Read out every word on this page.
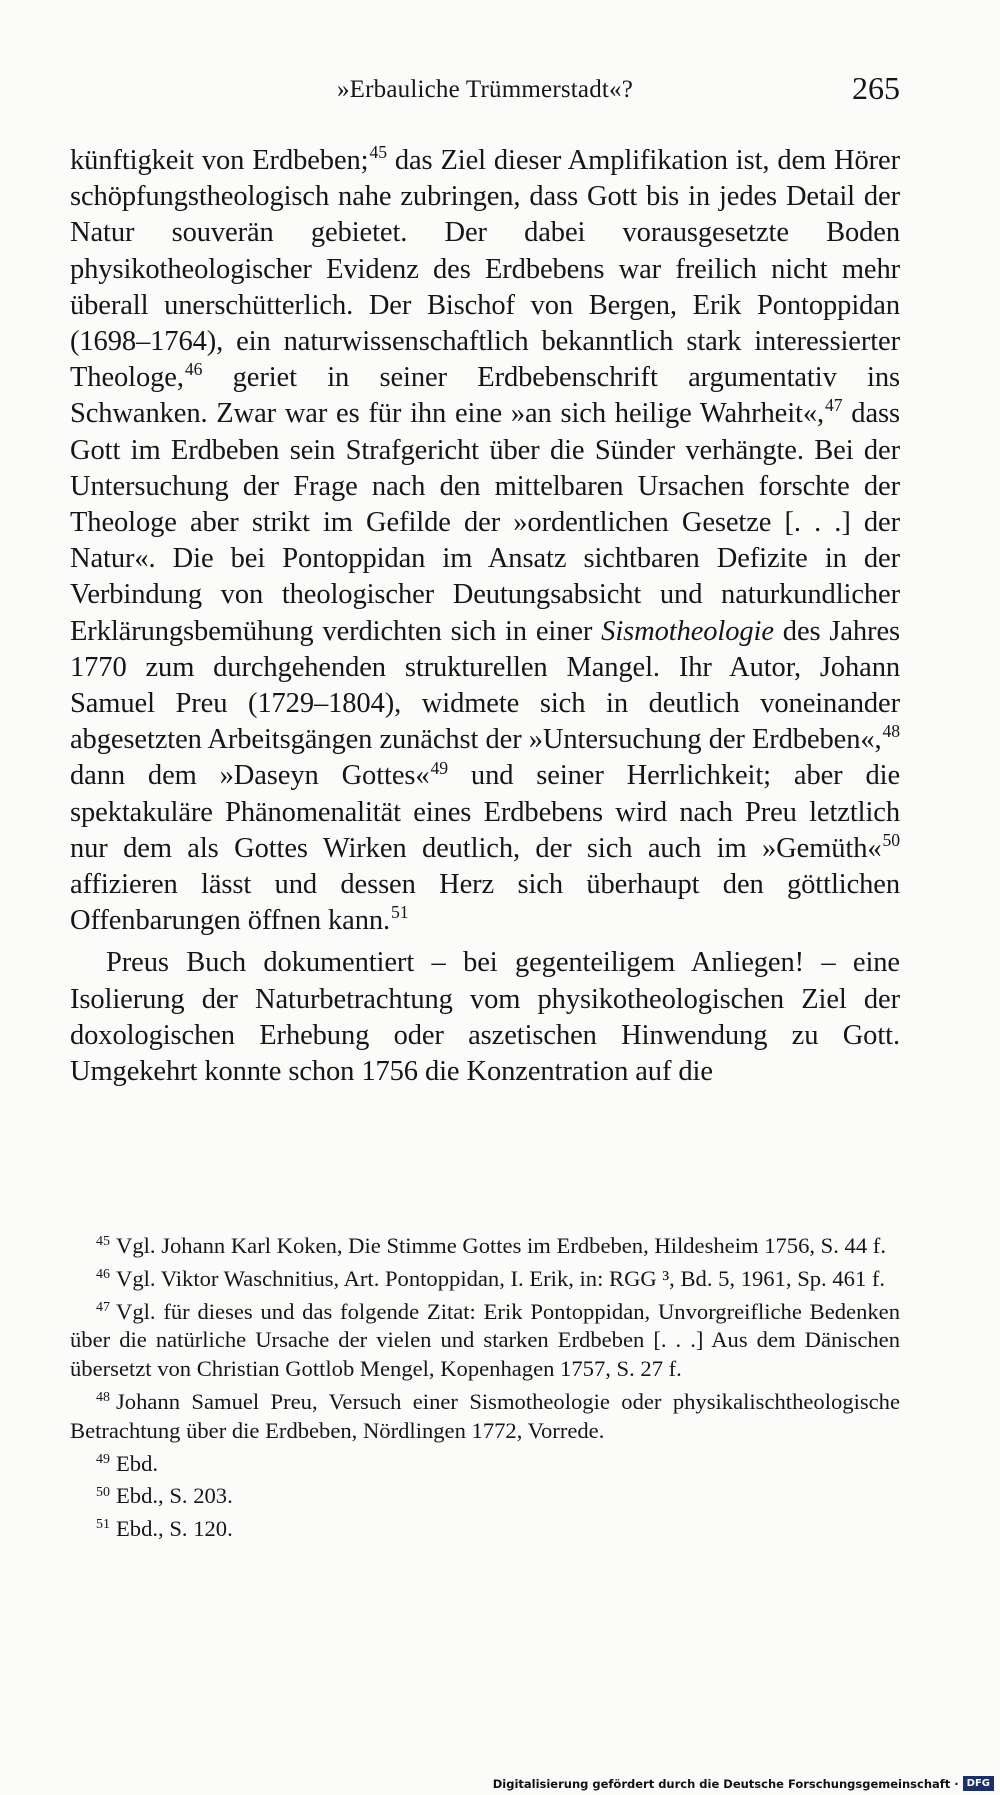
»Erbauliche Trümmerstadt«?	265

künftigkeit von Erdbeben;$^{45}$ das Ziel dieser Amplifikation ist, dem Hörer schöpfungstheologisch nahe zubringen, dass Gott bis in jedes Detail der Natur souverän gebietet. Der dabei vorausgesetzte Boden physikotheologischer Evidenz des Erdbebens war freilich nicht mehr überall unerschütterlich. Der Bischof von Bergen, Erik Pontoppidan (1698–1764), ein naturwissenschaftlich bekanntlich stark interessierter Theologe,$^{46}$ geriet in seiner Erdbebenschrift argumentativ ins Schwanken. Zwar war es für ihn eine »an sich heilige Wahrheit«,$^{47}$ dass Gott im Erdbeben sein Strafgericht über die Sünder verhängte. Bei der Untersuchung der Frage nach den mittelbaren Ursachen forschte der Theologe aber strikt im Gefilde der »ordentlichen Gesetze [. . .] der Natur«. Die bei Pontoppidan im Ansatz sichtbaren Defizite in der Verbindung von theologischer Deutungsabsicht und naturkundlicher Erklärungsbemühung verdichten sich in einer Sismotheologie des Jahres 1770 zum durchgehenden strukturellen Mangel. Ihr Autor, Johann Samuel Preu (1729–1804), widmete sich in deutlich voneinander abgesetzten Arbeitsgängen zunächst der »Untersuchung der Erdbeben«,$^{48}$ dann dem »Daseyn Gottes«$^{49}$ und seiner Herrlichkeit; aber die spektakuläre Phänomenalität eines Erdbebens wird nach Preu letztlich nur dem als Gottes Wirken deutlich, der sich auch im »Gemüth«$^{50}$ affizieren lässt und dessen Herz sich überhaupt den göttlichen Offenbarungen öffnen kann.$^{51}$

Preus Buch dokumentiert – bei gegenteiligem Anliegen! – eine Isolierung der Naturbetrachtung vom physikotheologischen Ziel der doxologischen Erhebung oder aszetischen Hinwendung zu Gott. Umgekehrt konnte schon 1756 die Konzentration auf die

$^{45}$ Vgl. Johann Karl Koken, Die Stimme Gottes im Erdbeben, Hildesheim 1756, S. 44 f.

$^{46}$ Vgl. Viktor Waschnitius, Art. Pontoppidan, I. Erik, in: RGG ³, Bd. 5, 1961, Sp. 461 f.

$^{47}$ Vgl. für dieses und das folgende Zitat: Erik Pontoppidan, Unvorgreifliche Bedenken über die natürliche Ursache der vielen und starken Erdbeben [. . .] Aus dem Dänischen übersetzt von Christian Gottlob Mengel, Kopenhagen 1757, S. 27 f.

$^{48}$ Johann Samuel Preu, Versuch einer Sismotheologie oder physikalischtheologische Betrachtung über die Erdbeben, Nördlingen 1772, Vorrede.

$^{49}$ Ebd.

$^{50}$ Ebd., S. 203.

$^{51}$ Ebd., S. 120.

Digitalisierung gefördert durch die Deutsche Forschungsgemeinschaft · DFG
